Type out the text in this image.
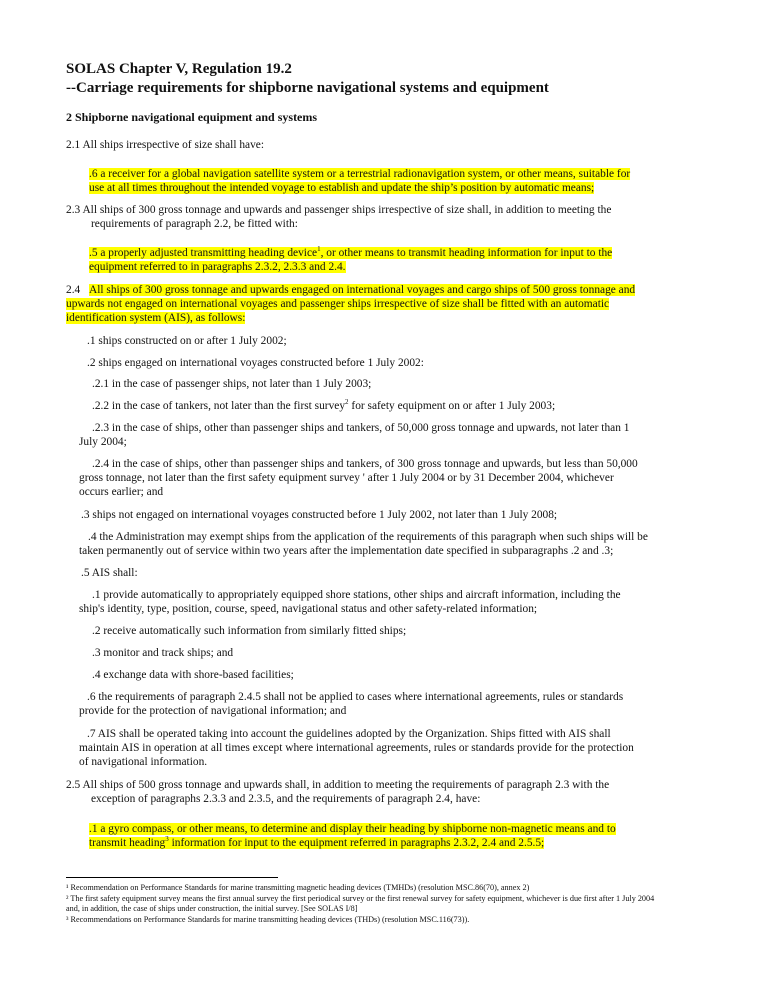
SOLAS Chapter V, Regulation 19.2
--Carriage requirements for shipborne navigational systems and equipment
2 Shipborne navigational equipment and systems
2.1 All ships irrespective of size shall have:
.6 a receiver for a global navigation satellite system or a terrestrial radionavigation system, or other means, suitable for
use at all times throughout the intended voyage to establish and update the ship’s position by automatic means;
2.3 All ships of 300 gross tonnage and upwards and passenger ships irrespective of size shall, in addition to meeting the
requirements of paragraph 2.2, be fitted with:
.5 a properly adjusted transmitting heading device$^1$, or other means to transmit heading information for input to the
equipment referred to in paragraphs 2.3.2, 2.3.3 and 2.4.
2.4 All ships of 300 gross tonnage and upwards engaged on international voyages and cargo ships of 500 gross tonnage and
upwards not engaged on international voyages and passenger ships irrespective of size shall be fitted with an automatic
identification system (AIS), as follows:
.1 ships constructed on or after 1 July 2002;
.2 ships engaged on international voyages constructed before 1 July 2002:
.2.1 in the case of passenger ships, not later than 1 July 2003;
.2.2 in the case of tankers, not later than the first survey$^2$ for safety equipment on or after 1 July 2003;
.2.3 in the case of ships, other than passenger ships and tankers, of 50,000 gross tonnage and upwards, not later than 1
July 2004;
.2.4 in the case of ships, other than passenger ships and tankers, of 300 gross tonnage and upwards, but less than 50,000
gross tonnage, not later than the first safety equipment survey ' after 1 July 2004 or by 31 December 2004, whichever
occurs earlier; and
.3 ships not engaged on international voyages constructed before 1 July 2002, not later than 1 July 2008;
.4 the Administration may exempt ships from the application of the requirements of this paragraph when such ships will be
taken permanently out of service within two years after the implementation date specified in subparagraphs .2 and .3;
.5 AIS shall:
.1 provide automatically to appropriately equipped shore stations, other ships and aircraft information, including the
ship's identity, type, position, course, speed, navigational status and other safety-related information;
.2 receive automatically such information from similarly fitted ships;
.3 monitor and track ships; and
.4 exchange data with shore-based facilities;
.6 the requirements of paragraph 2.4.5 shall not be applied to cases where international agreements, rules or standards
provide for the protection of navigational information; and
.7 AIS shall be operated taking into account the guidelines adopted by the Organization. Ships fitted with AIS shall
maintain AIS in operation at all times except where international agreements, rules or standards provide for the protection
of navigational information.
2.5 All ships of 500 gross tonnage and upwards shall, in addition to meeting the requirements of paragraph 2.3 with the
exception of paragraphs 2.3.3 and 2.3.5, and the requirements of paragraph 2.4, have:
.1 a gyro compass, or other means, to determine and display their heading by shipborne non-magnetic means and to
transmit heading$^3$ information for input to the equipment referred in paragraphs 2.3.2, 2.4 and 2.5.5;
¹ Recommendation on Performance Standards for marine transmitting magnetic heading devices (TMHDs) (resolution MSC.86(70), annex 2)
² The first safety equipment survey means the first annual survey the first periodical survey or the first renewal survey for safety equipment, whichever is due first after 1 July 2004
and, in addition, the case of ships under construction, the initial survey. [See SOLAS I/8]
³ Recommendations on Performance Standards for marine transmitting heading devices (THDs) (resolution MSC.116(73)).
